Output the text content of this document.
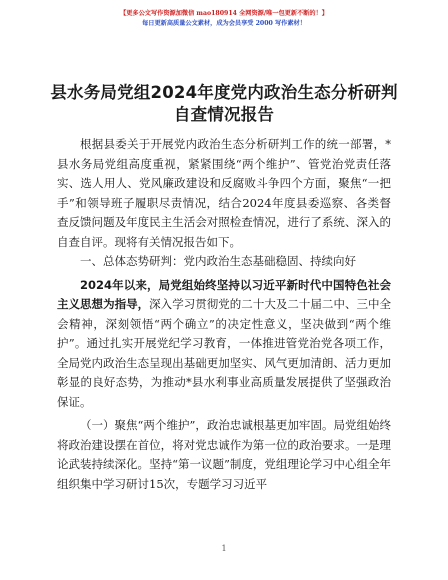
【更多公文写作资源加微信 mao180914 全网资源/唯一包更新不断的！】
每日更新高质量公文素材，成为会员享受 2000 写作素材！
县水务局党组2024年度党内政治生态分析研判
自查情况报告

根据县委关于开展党内政治生态分析研判工作的统一部署，*县水务局党组高度重视，紧紧围绕“两个维护”、管党治党责任落实、选人用人、党风廉政建设和反腐败斗争四个方面，聚焦“一把手”和领导班子履职尽责情况，结合2024年度县委巡察、各类督查反馈问题及年度民主生活会对照检查情况，进行了系统、深入的自查自评。现将有关情况报告如下。

一、总体态势研判：党内政治生态基础稳固、持续向好

2024年以来，局党组始终坚持以习近平新时代中国特色社会主义思想为指导，深入学习贯彻党的二十大及二十届二中、三中全会精神，深刻领悟“两个确立”的决定性意义，坚决做到“两个维护”。通过扎实开展党纪学习教育，一体推进管党治党各项工作，全局党内政治生态呈现出基础更加坚实、风气更加清朗、活力更加彰显的良好态势，为推动*县水利事业高质量发展提供了坚强政治保证。

（一）聚焦“两个维护”，政治忠诚根基更加牢固。局党组始终将政治建设摆在首位，将对党忠诚作为第一位的政治要求。一是理论武装持续深化。坚持“第一议题”制度，党组理论学习中心组全年组织集中学习研讨15次，专题学习习近平

1
